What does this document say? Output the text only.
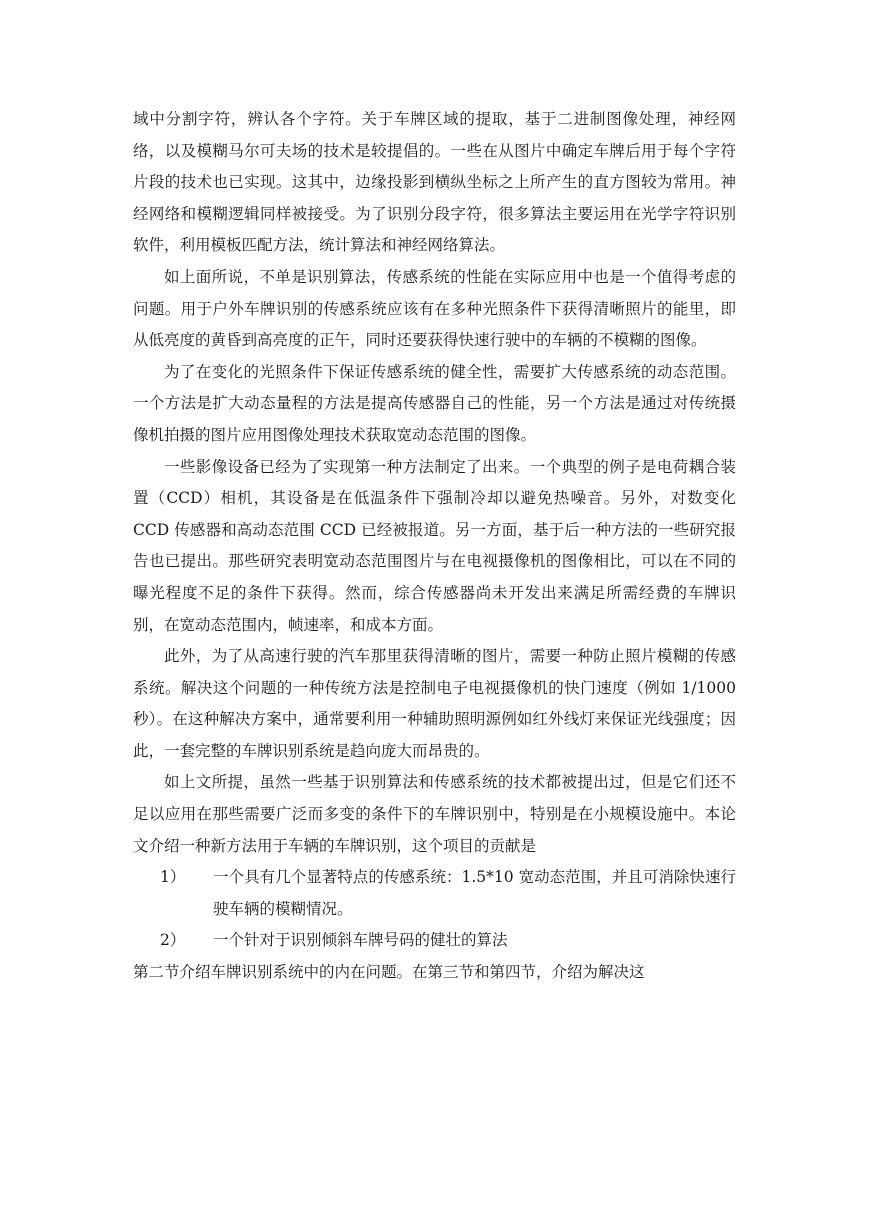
域中分割字符，辨认各个字符。关于车牌区域的提取，基于二进制图像处理，神经网络，以及模糊马尔可夫场的技术是较提倡的。一些在从图片中确定车牌后用于每个字符片段的技术也已实现。这其中，边缘投影到横纵坐标之上所产生的直方图较为常用。神经网络和模糊逻辑同样被接受。为了识别分段字符，很多算法主要运用在光学字符识别软件，利用模板匹配方法，统计算法和神经网络算法。

如上面所说，不单是识别算法，传感系统的性能在实际应用中也是一个值得考虑的问题。用于户外车牌识别的传感系统应该有在多种光照条件下获得清晰照片的能里，即从低亮度的黄昏到高亮度的正午，同时还要获得快速行驶中的车辆的不模糊的图像。

为了在变化的光照条件下保证传感系统的健全性，需要扩大传感系统的动态范围。一个方法是扩大动态量程的方法是提高传感器自己的性能，另一个方法是通过对传统摄像机拍摄的图片应用图像处理技术获取宽动态范围的图像。

一些影像设备已经为了实现第一种方法制定了出来。一个典型的例子是电荷耦合装置（CCD）相机，其设备是在低温条件下强制冷却以避免热噪音。另外，对数变化 CCD 传感器和高动态范围 CCD 已经被报道。另一方面，基于后一种方法的一些研究报告也已提出。那些研究表明宽动态范围图片与在电视摄像机的图像相比，可以在不同的曝光程度不足的条件下获得。然而，综合传感器尚未开发出来满足所需经费的车牌识别，在宽动态范围内，帧速率，和成本方面。

此外，为了从高速行驶的汽车那里获得清晰的图片，需要一种防止照片模糊的传感系统。解决这个问题的一种传统方法是控制电子电视摄像机的快门速度（例如 1/1000 秒）。在这种解决方案中，通常要利用一种辅助照明源例如红外线灯来保证光线强度；因此，一套完整的车牌识别系统是趋向庞大而昂贵的。

如上文所提，虽然一些基于识别算法和传感系统的技术都被提出过，但是它们还不足以应用在那些需要广泛而多变的条件下的车牌识别中，特别是在小规模设施中。本论文介绍一种新方法用于车辆的车牌识别，这个项目的贡献是

1） 一个具有几个显著特点的传感系统：1.5*10 宽动态范围，并且可消除快速行驶车辆的模糊情况。
2） 一个针对于识别倾斜车牌号码的健壮的算法

第二节介绍车牌识别系统中的内在问题。在第三节和第四节，介绍为解决这
